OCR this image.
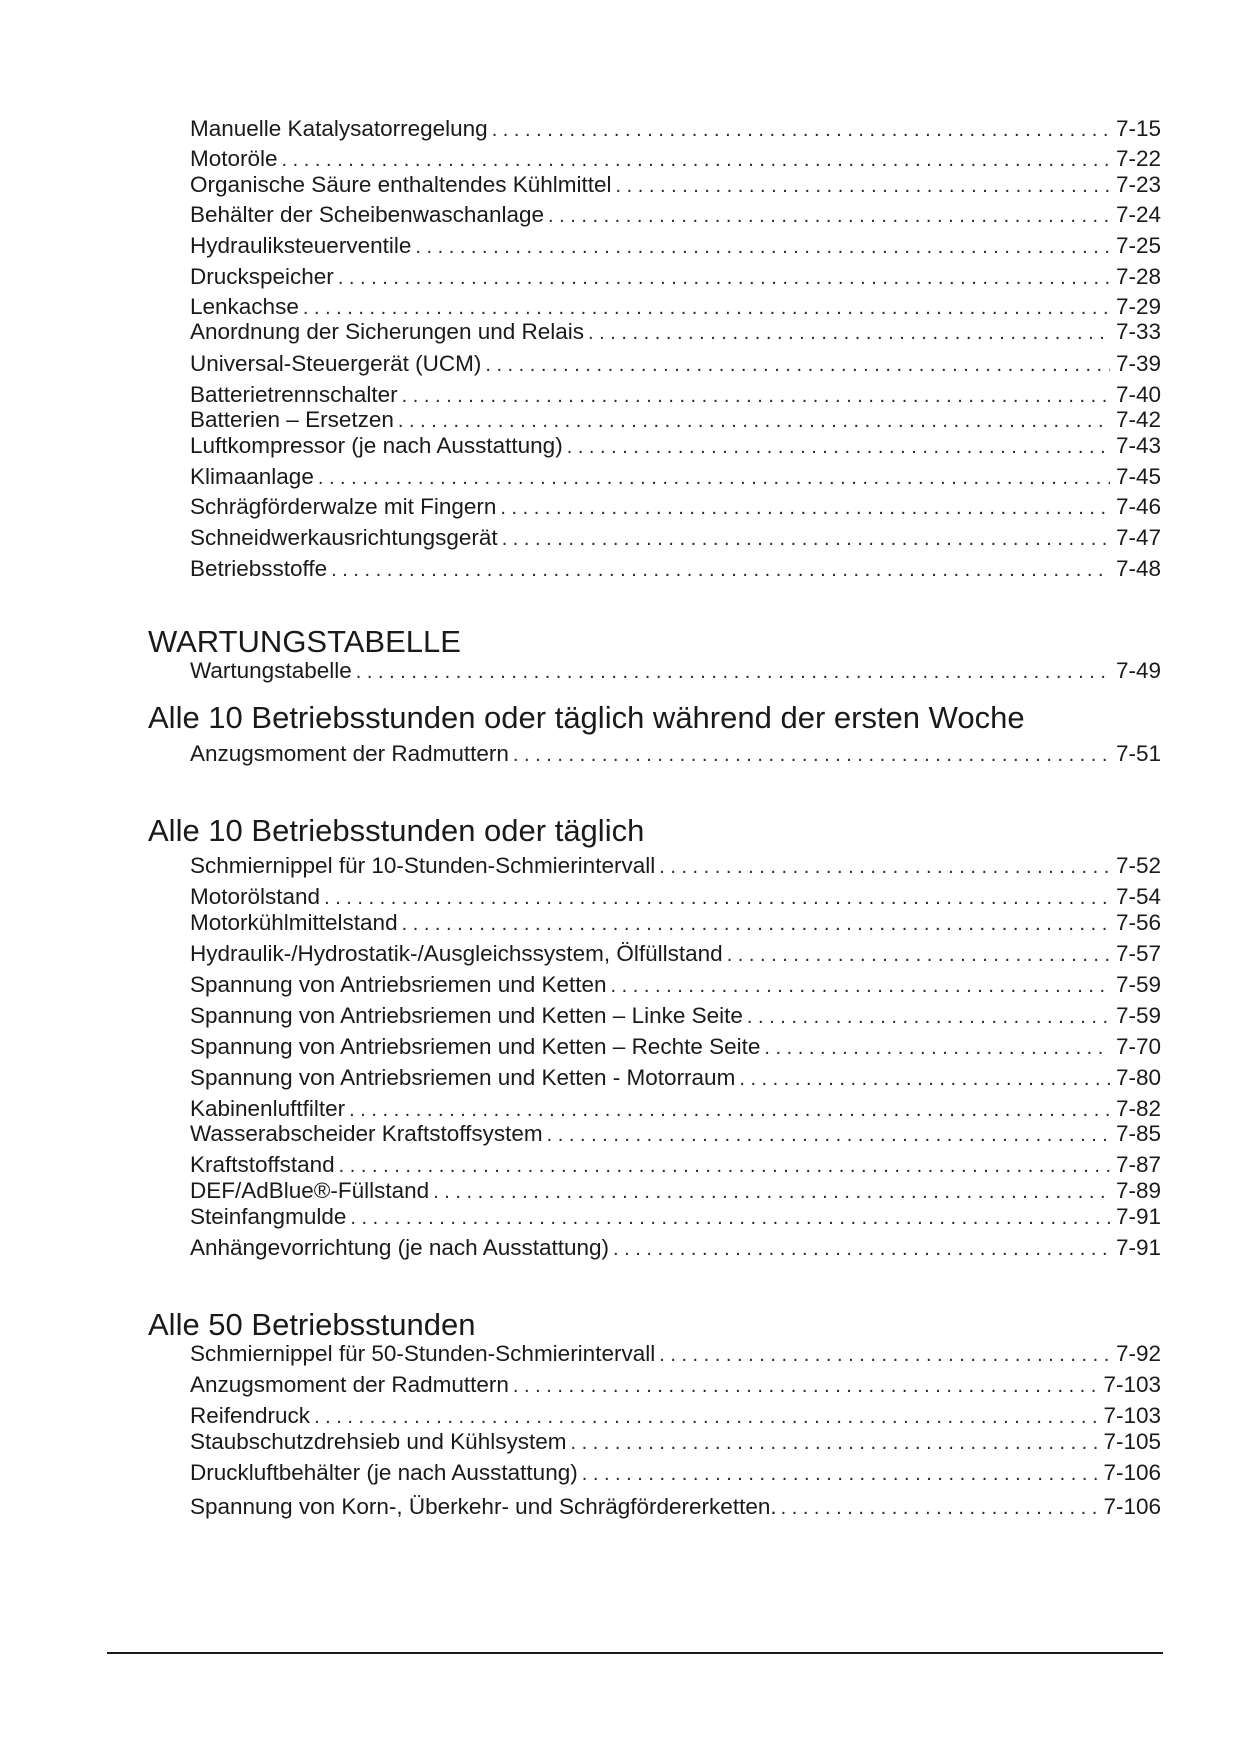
Manuelle Katalysatorregelung . . .	7-15
Motoröle . . .	7-22
Organische Säure enthaltendes Kühlmittel . . .	7-23
Behälter der Scheibenwaschanlage . . .	7-24
Hydrauliksteuerventile . . .	7-25
Druckspeicher . . .	7-28
Lenkachse . . .	7-29
Anordnung der Sicherungen und Relais . . .	7-33
Universal-Steuergerät (UCM) . . .	7-39
Batterietrennschalter . . .	7-40
Batterien – Ersetzen . . .	7-42
Luftkompressor (je nach Ausstattung) . . .	7-43
Klimaanlage . . .	7-45
Schrägförderwalze mit Fingern . . .	7-46
Schneidwerkausrichtungsgerät . . .	7-47
Betriebsstoffe . . .	7-48
WARTUNGSTABELLE
Wartungstabelle . . .	7-49
Alle 10 Betriebsstunden oder täglich während der ersten Woche
Anzugsmoment der Radmuttern . . .	7-51
Alle 10 Betriebsstunden oder täglich
Schmiernippel für 10-Stunden-Schmierintervall . . .	7-52
Motorölstand . . .	7-54
Motorkühlmittelstand . . .	7-56
Hydraulik-/Hydrostatik-/Ausgleichssystem, Ölfüllstand . . .	7-57
Spannung von Antriebsriemen und Ketten . . .	7-59
Spannung von Antriebsriemen und Ketten – Linke Seite . . .	7-59
Spannung von Antriebsriemen und Ketten – Rechte Seite . . .	7-70
Spannung von Antriebsriemen und Ketten - Motorraum . . .	7-80
Kabinenluftfilter . . .	7-82
Wasserabscheider Kraftstoffsystem . . .	7-85
Kraftstoffstand . . .	7-87
DEF/AdBlue®-Füllstand . . .	7-89
Steinfangmulde . . .	7-91
Anhängevorrichtung (je nach Ausstattung) . . .	7-91
Alle 50 Betriebsstunden
Schmiernippel für 50-Stunden-Schmierintervall . . .	7-92
Anzugsmoment der Radmuttern . . .	7-103
Reifendruck . . .	7-103
Staubschutzdrehsieb und Kühlsystem . . .	7-105
Druckluftbehälter (je nach Ausstattung) . . .	7-106
Spannung von Korn-, Überkehr- und Schrägfördererketten. . . .	7-106
